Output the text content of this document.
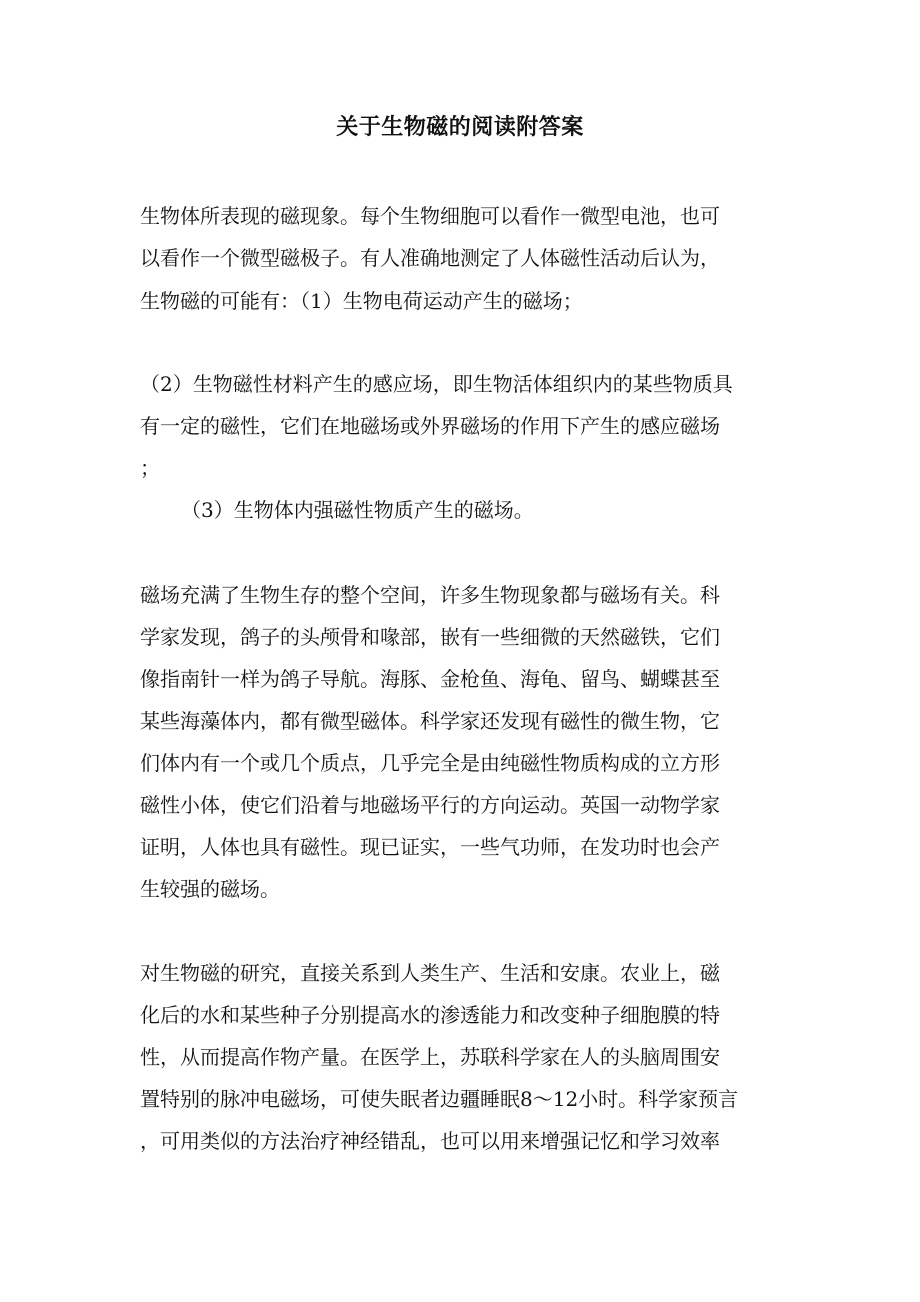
关于生物磁的阅读附答案

生物体所表现的磁现象。每个生物细胞可以看作一微型电池，也可

以看作一个微型磁极子。有人准确地测定了人体磁性活动后认为，

生物磁的可能有：（1）生物电荷运动产生的磁场；

（2）生物磁性材料产生的感应场，即生物活体组织内的某些物质具

有一定的磁性，它们在地磁场或外界磁场的作用下产生的感应磁场

；

（3）生物体内强磁性物质产生的磁场。

磁场充满了生物生存的整个空间，许多生物现象都与磁场有关。科

学家发现，鸽子的头颅骨和喙部，嵌有一些细微的天然磁铁，它们

像指南针一样为鸽子导航。海豚、金枪鱼、海龟、留鸟、蝴蝶甚至

某些海藻体内，都有微型磁体。科学家还发现有磁性的微生物，它

们体内有一个或几个质点，几乎完全是由纯磁性物质构成的立方形

磁性小体，使它们沿着与地磁场平行的方向运动。英国一动物学家

证明，人体也具有磁性。现已证实，一些气功师，在发功时也会产

生较强的磁场。

对生物磁的研究，直接关系到人类生产、生活和安康。农业上，磁

化后的水和某些种子分别提高水的渗透能力和改变种子细胞膜的特

性，从而提高作物产量。在医学上，苏联科学家在人的头脑周围安

置特别的脉冲电磁场，可使失眠者边疆睡眠8～12小时。科学家预言

，可用类似的方法治疗神经错乱，也可以用来增强记忆和学习效率
